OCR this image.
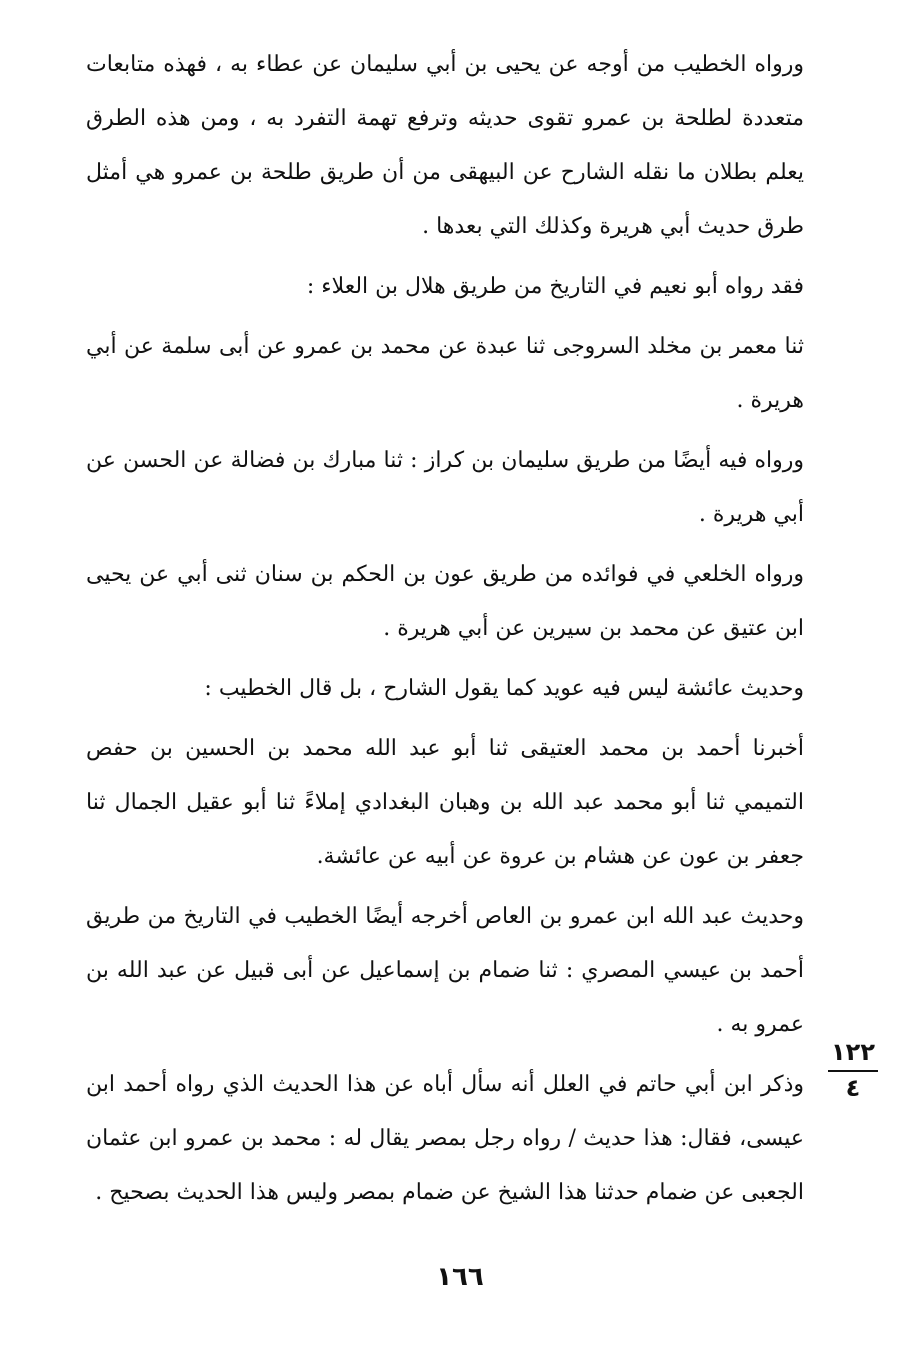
ورواه الخطيب من أوجه عن يحيى بن أبي سليمان عن عطاء به ، فهذه متابعات متعددة لطلحة بن عمرو تقوى حديثه وترفع تهمة التفرد به ، ومن هذه الطرق يعلم بطلان ما نقله الشارح عن البيهقى من أن طريق طلحة بن عمرو هي أمثل طرق حديث أبي هريرة وكذلك التي بعدها .

فقد رواه أبو نعيم في التاريخ من طريق هلال بن العلاء :

ثنا معمر بن مخلد السروجى ثنا عبدة عن محمد بن عمرو عن أبى سلمة عن أبي هريرة .

ورواه فيه أيضًا من طريق سليمان بن كراز : ثنا مبارك بن فضالة عن الحسن عن أبي هريرة .

ورواه الخلعي في فوائده من طريق عون بن الحكم بن سنان ثنى أبي عن يحيى ابن عتيق عن محمد بن سيرين عن أبي هريرة .

وحديث عائشة ليس فيه عويد كما يقول الشارح ، بل قال الخطيب :

أخبرنا أحمد بن محمد العتيقى ثنا أبو عبد الله محمد بن الحسين بن حفص التميمي ثنا أبو محمد عبد الله بن وهبان البغدادي إملاءً ثنا أبو عقيل الجمال ثنا جعفر بن عون عن هشام بن عروة عن أبيه عن عائشة.

وحديث عبد الله ابن عمرو بن العاص أخرجه أيضًا الخطيب في التاريخ من طريق أحمد بن عيسي المصري : ثنا ضمام بن إسماعيل عن أبى قبيل عن عبد الله بن عمرو به .

وذكر ابن أبي حاتم في العلل أنه سأل أباه عن هذا الحديث الذي رواه أحمد ابن عيسى، فقال: هذا حديث / رواه رجل بمصر يقال له : محمد بن عمرو ابن عثمان الجعبى عن ضمام حدثنا هذا الشيخ عن ضمام بمصر وليس هذا الحديث بصحيح .

١٢٢
٤
١٦٦
